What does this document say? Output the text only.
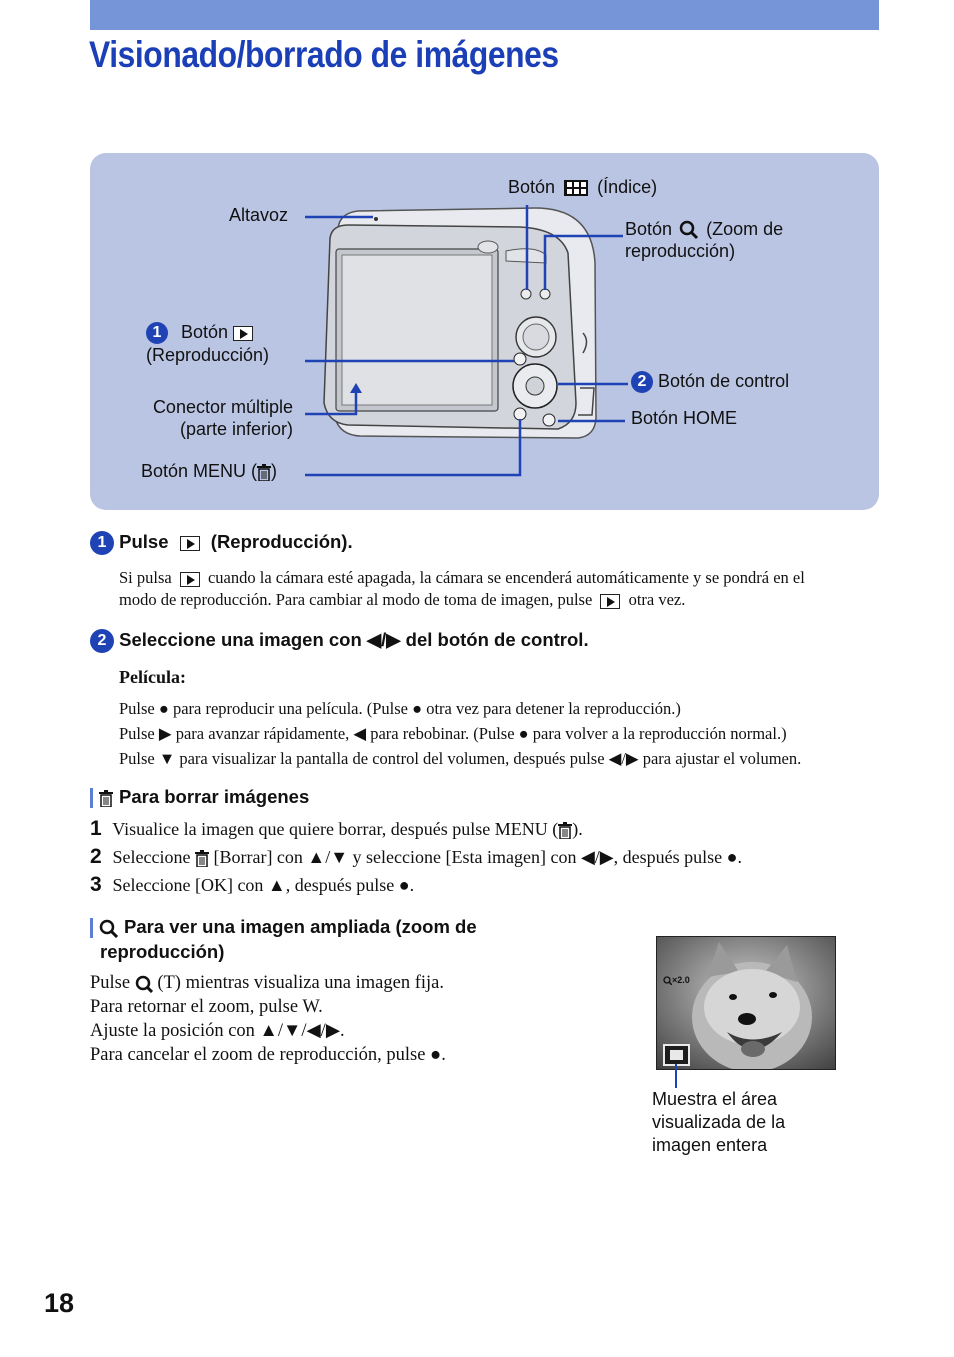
Visionado/borrado de imágenes
Altavoz
Botón (Índice)
Botón (Zoom de
reproducción)
1 Botón
(Reproducción)
2 Botón de control
Conector múltiple
(parte inferior)
Botón HOME
Botón MENU ( )
1 Pulse (Reproducción).
Si pulsa cuando la cámara esté apagada, la cámara se encenderá automáticamente y se pondrá en el
modo de reproducción. Para cambiar al modo de toma de imagen, pulse otra vez.
2 Seleccione una imagen con ◀/▶ del botón de control.
Película:
Pulse ● para reproducir una película. (Pulse ● otra vez para detener la reproducción.)
Pulse ▶ para avanzar rápidamente, ◀ para rebobinar. (Pulse ● para volver a la reproducción normal.)
Pulse ▼ para visualizar la pantalla de control del volumen, después pulse ◀/▶ para ajustar el volumen.
Para borrar imágenes
1 Visualice la imagen que quiere borrar, después pulse MENU ( ).
2 Seleccione [Borrar] con ▲/▼ y seleccione [Esta imagen] con ◀/▶, después pulse ●.
3 Seleccione [OK] con ▲, después pulse ●.
Para ver una imagen ampliada (zoom de
reproducción)
Pulse (T) mientras visualiza una imagen fija.
Para retornar el zoom, pulse W.
Ajuste la posición con ▲/▼/◀/▶.
Para cancelar el zoom de reproducción, pulse ●.
×2.0
Muestra el área
visualizada de la
imagen entera
18
